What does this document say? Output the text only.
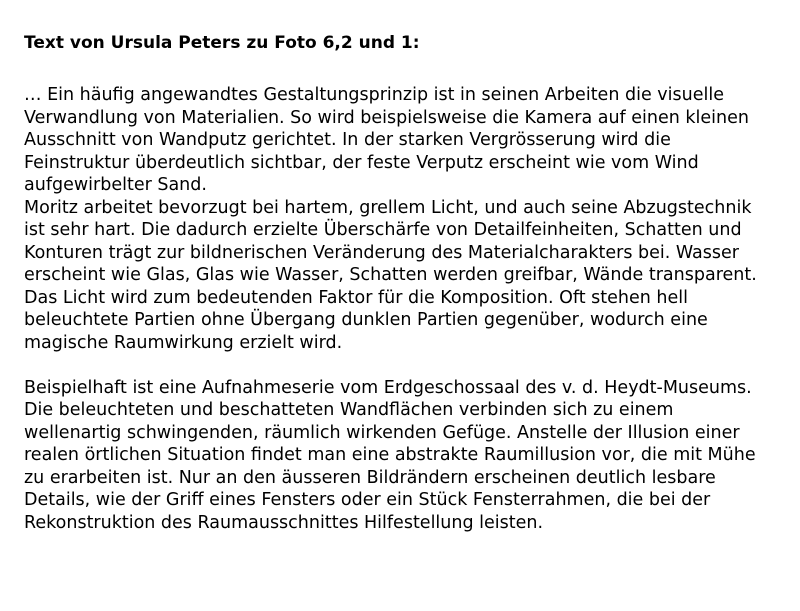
Text von Ursula Peters zu Foto 6,2 und 1:

… Ein häufig angewandtes Gestaltungsprinzip ist in seinen Arbeiten die visuelle
Verwandlung von Materialien. So wird beispielsweise die Kamera auf einen kleinen
Ausschnitt von Wandputz gerichtet. In der starken Vergrösserung wird die
Feinstruktur überdeutlich sichtbar, der feste Verputz erscheint wie vom Wind
aufgewirbelter Sand.

Moritz arbeitet bevorzugt bei hartem, grellem Licht, und auch seine Abzugstechnik
ist sehr hart. Die dadurch erzielte Überschärfe von Detailfeinheiten, Schatten und
Konturen trägt zur bildnerischen Veränderung des Materialcharakters bei. Wasser
erscheint wie Glas, Glas wie Wasser, Schatten werden greifbar, Wände transparent.
Das Licht wird zum bedeutenden Faktor für die Komposition. Oft stehen hell
beleuchtete Partien ohne Übergang dunklen Partien gegenüber, wodurch eine
magische Raumwirkung erzielt wird.

Beispielhaft ist eine Aufnahmeserie vom Erdgeschossaal des v. d. Heydt-Museums.
Die beleuchteten und beschatteten Wandflächen verbinden sich zu einem
wellenartig schwingenden, räumlich wirkenden Gefüge. Anstelle der Illusion einer
realen örtlichen Situation findet man eine abstrakte Raumillusion vor, die mit Mühe
zu erarbeiten ist. Nur an den äusseren Bildrändern erscheinen deutlich lesbare
Details, wie der Griff eines Fensters oder ein Stück Fensterrahmen, die bei der
Rekonstruktion des Raumausschnittes Hilfestellung leisten.
